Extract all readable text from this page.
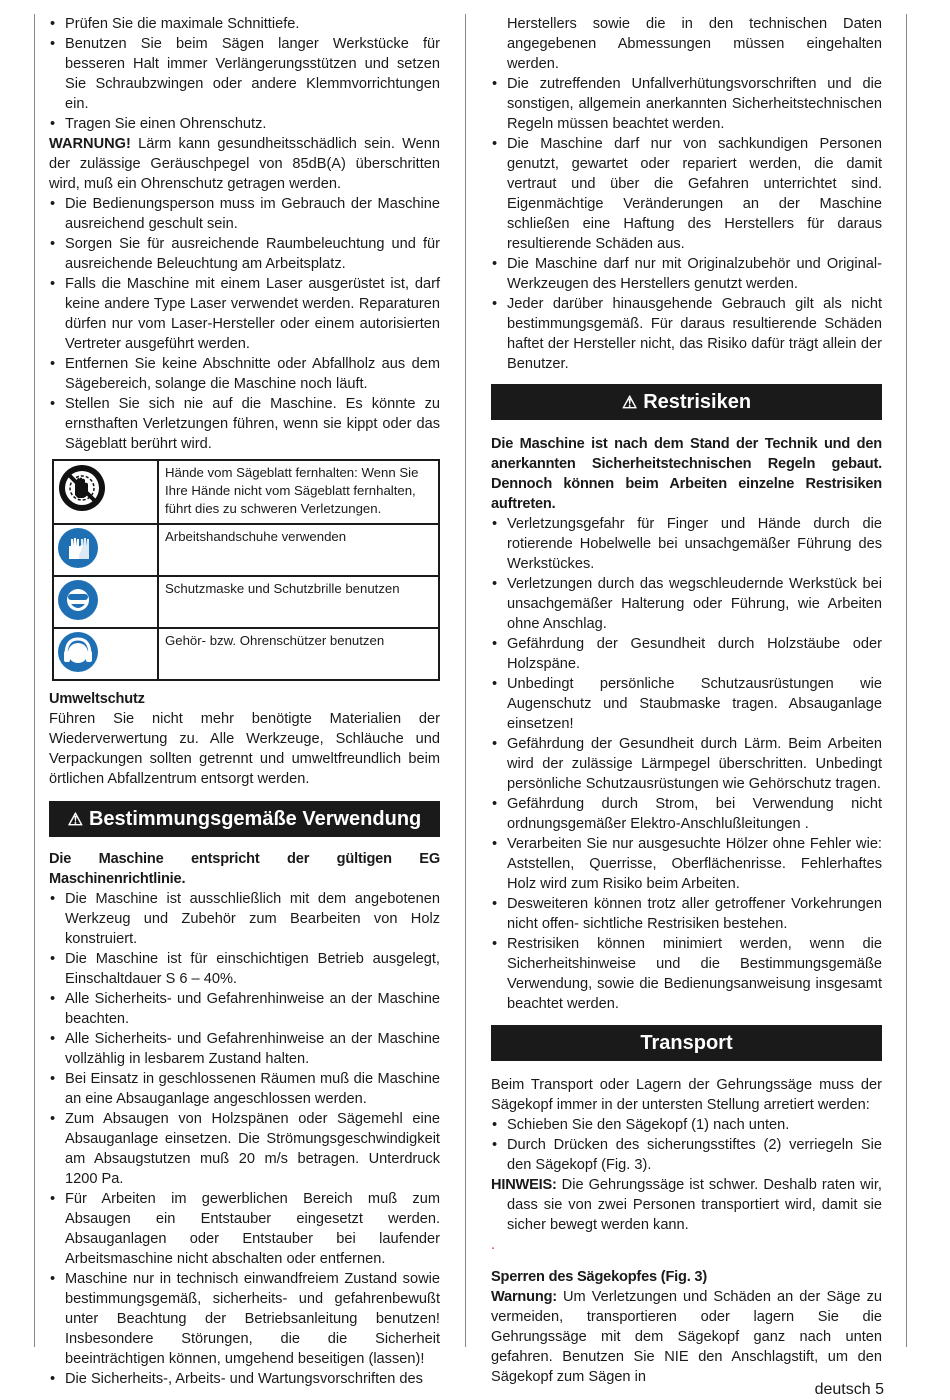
• Prüfen Sie die maximale Schnittiefe.
• Benutzen Sie beim Sägen langer Werkstücke für besseren Halt immer Verlängerungsstützen und setzen Sie Schraubzwingen oder andere Klemmvorrichtungen ein.
• Tragen Sie einen Ohrenschutz.

WARNUNG! Lärm kann gesundheitsschädlich sein. Wenn der zulässige Geräuschpegel von 85dB(A) überschritten wird, muß ein Ohrenschutz getragen werden.

• Die Bedienungsperson muss im Gebrauch der Maschine ausreichend geschult sein.
• Sorgen Sie für ausreichende Raumbeleuchtung und für ausreichende Beleuchtung am Arbeitsplatz.
• Falls die Maschine mit einem Laser ausgerüstet ist, darf keine andere Type Laser verwendet werden. Reparaturen dürfen nur vom Laser-Hersteller oder einem autorisierten Vertreter ausgeführt werden.
• Entfernen Sie keine Abschnitte oder Abfallholz aus dem Sägebereich, solange die Maschine noch läuft.
• Stellen Sie sich nie auf die Maschine. Es könnte zu ernsthaften Verletzungen führen, wenn sie kippt oder das Sägeblatt berührt wird.
	Hände vom Sägeblatt fernhalten: Wenn Sie Ihre Hände nicht vom Sägeblatt fernhalten, führt dies zu schweren Verletzungen.
	Arbeitshandschuhe verwenden
	Schutzmaske und Schutzbrille benutzen
	Gehör- bzw. Ohrenschützer benutzen

Umweltschutz

Führen Sie nicht mehr benötigte Materialien der Wiederverwertung zu. Alle Werkzeuge, Schläuche und Verpackungen sollten getrennt und umweltfreundlich beim örtlichen Abfallzentrum entsorgt werden.

⚠ Bestimmungsgemäße Verwendung

Die Maschine entspricht der gültigen EG Maschinenrichtlinie.

• Die Maschine ist ausschließlich mit dem angebotenen Werkzeug und Zubehör zum Bearbeiten von Holz konstruiert.
• Die Maschine ist für einschichtigen Betrieb ausgelegt, Einschaltdauer S 6 – 40%.
• Alle Sicherheits- und Gefahrenhinweise an der Maschine beachten.
• Alle Sicherheits- und Gefahrenhinweise an der Maschine vollzählig in lesbarem Zustand halten.
• Bei Einsatz in geschlossenen Räumen muß die Maschine an eine Absauganlage angeschlossen werden.
• Zum Absaugen von Holzspänen oder Sägemehl eine Absauganlage einsetzen. Die Strömungsgeschwindigkeit am Absaugstutzen muß 20 m/s betragen. Unterdruck 1200 Pa.
• Für Arbeiten im gewerblichen Bereich muß zum Absaugen ein Entstauber eingesetzt werden. Absauganlagen oder Entstauber bei laufender Arbeitsmaschine nicht abschalten oder entfernen.
• Maschine nur in technisch einwandfreiem Zustand sowie bestimmungsgemäß, sicherheits- und gefahrenbewußt unter Beachtung der Betriebsanleitung benutzen! Insbesondere Störungen, die die Sicherheit beeinträchtigen können, umgehend beseitigen (lassen)!
• Die Sicherheits-, Arbeits- und Wartungsvorschriften des

Herstellers sowie die in den technischen Daten angegebenen Abmessungen müssen eingehalten werden.

• Die zutreffenden Unfallverhütungsvorschriften und die sonstigen, allgemein anerkannten Sicherheitstechnischen Regeln müssen beachtet werden.
• Die Maschine darf nur von sachkundigen Personen genutzt, gewartet oder repariert werden, die damit vertraut und über die Gefahren unterrichtet sind. Eigenmächtige Veränderungen an der Maschine schließen eine Haftung des Herstellers für daraus resultierende Schäden aus.
• Die Maschine darf nur mit Originalzubehör und Original-Werkzeugen des Herstellers genutzt werden.
• Jeder darüber hinausgehende Gebrauch gilt als nicht bestimmungsgemäß. Für daraus resultierende Schäden haftet der Hersteller nicht, das Risiko dafür trägt allein der Benutzer.
⚠ Restrisiken

Die Maschine ist nach dem Stand der Technik und den anerkannten Sicherheitstechnischen Regeln gebaut. Dennoch können beim Arbeiten einzelne Restrisiken auftreten.

• Verletzungsgefahr für Finger und Hände durch die rotierende Hobelwelle bei unsachgemäßer Führung des Werkstückes.
• Verletzungen durch das wegschleudernde Werkstück bei unsachgemäßer Halterung oder Führung, wie Arbeiten ohne Anschlag.
• Gefährdung der Gesundheit durch Holzstäube oder Holzspäne.
• Unbedingt persönliche Schutzausrüstungen wie Augenschutz und Staubmaske tragen. Absauganlage einsetzen!
• Gefährdung der Gesundheit durch Lärm. Beim Arbeiten wird der zulässige Lärmpegel überschritten. Unbedingt persönliche Schutzausrüstungen wie Gehörschutz tragen.
• Gefährdung durch Strom, bei Verwendung nicht ordnungsgemäßer Elektro-Anschlußleitungen .
• Verarbeiten Sie nur ausgesuchte Hölzer ohne Fehler wie: Aststellen, Querrisse, Oberflächenrisse. Fehlerhaftes Holz wird zum Risiko beim Arbeiten.
• Desweiteren können trotz aller getroffener Vorkehrungen nicht offen- sichtliche Restrisiken bestehen.
• Restrisiken können minimiert werden, wenn die Sicherheitshinweise und die Bestimmungsgemäße Verwendung, sowie die Bedienungsanweisung insgesamt beachtet werden.
Transport

Beim Transport oder Lagern der Gehrungssäge muss der Sägekopf immer in der untersten Stellung arretiert werden:

• Schieben Sie den Sägekopf (1) nach unten.
• Durch Drücken des sicherungsstiftes (2) verriegeln Sie den Sägekopf (Fig. 3).

HINWEIS: Die Gehrungssäge ist schwer. Deshalb raten wir, dass sie von zwei Personen transportiert wird, damit sie sicher bewegt werden kann.

.

Sperren des Sägekopfes (Fig. 3)

Warnung: Um Verletzungen und Schäden an der Säge zu vermeiden, transportieren oder lagern Sie die Gehrungssäge mit dem Sägekopf ganz nach unten gefahren. Benutzen Sie NIE den Anschlagstift, um den Sägekopf zum Sägen in

deutsch 5
